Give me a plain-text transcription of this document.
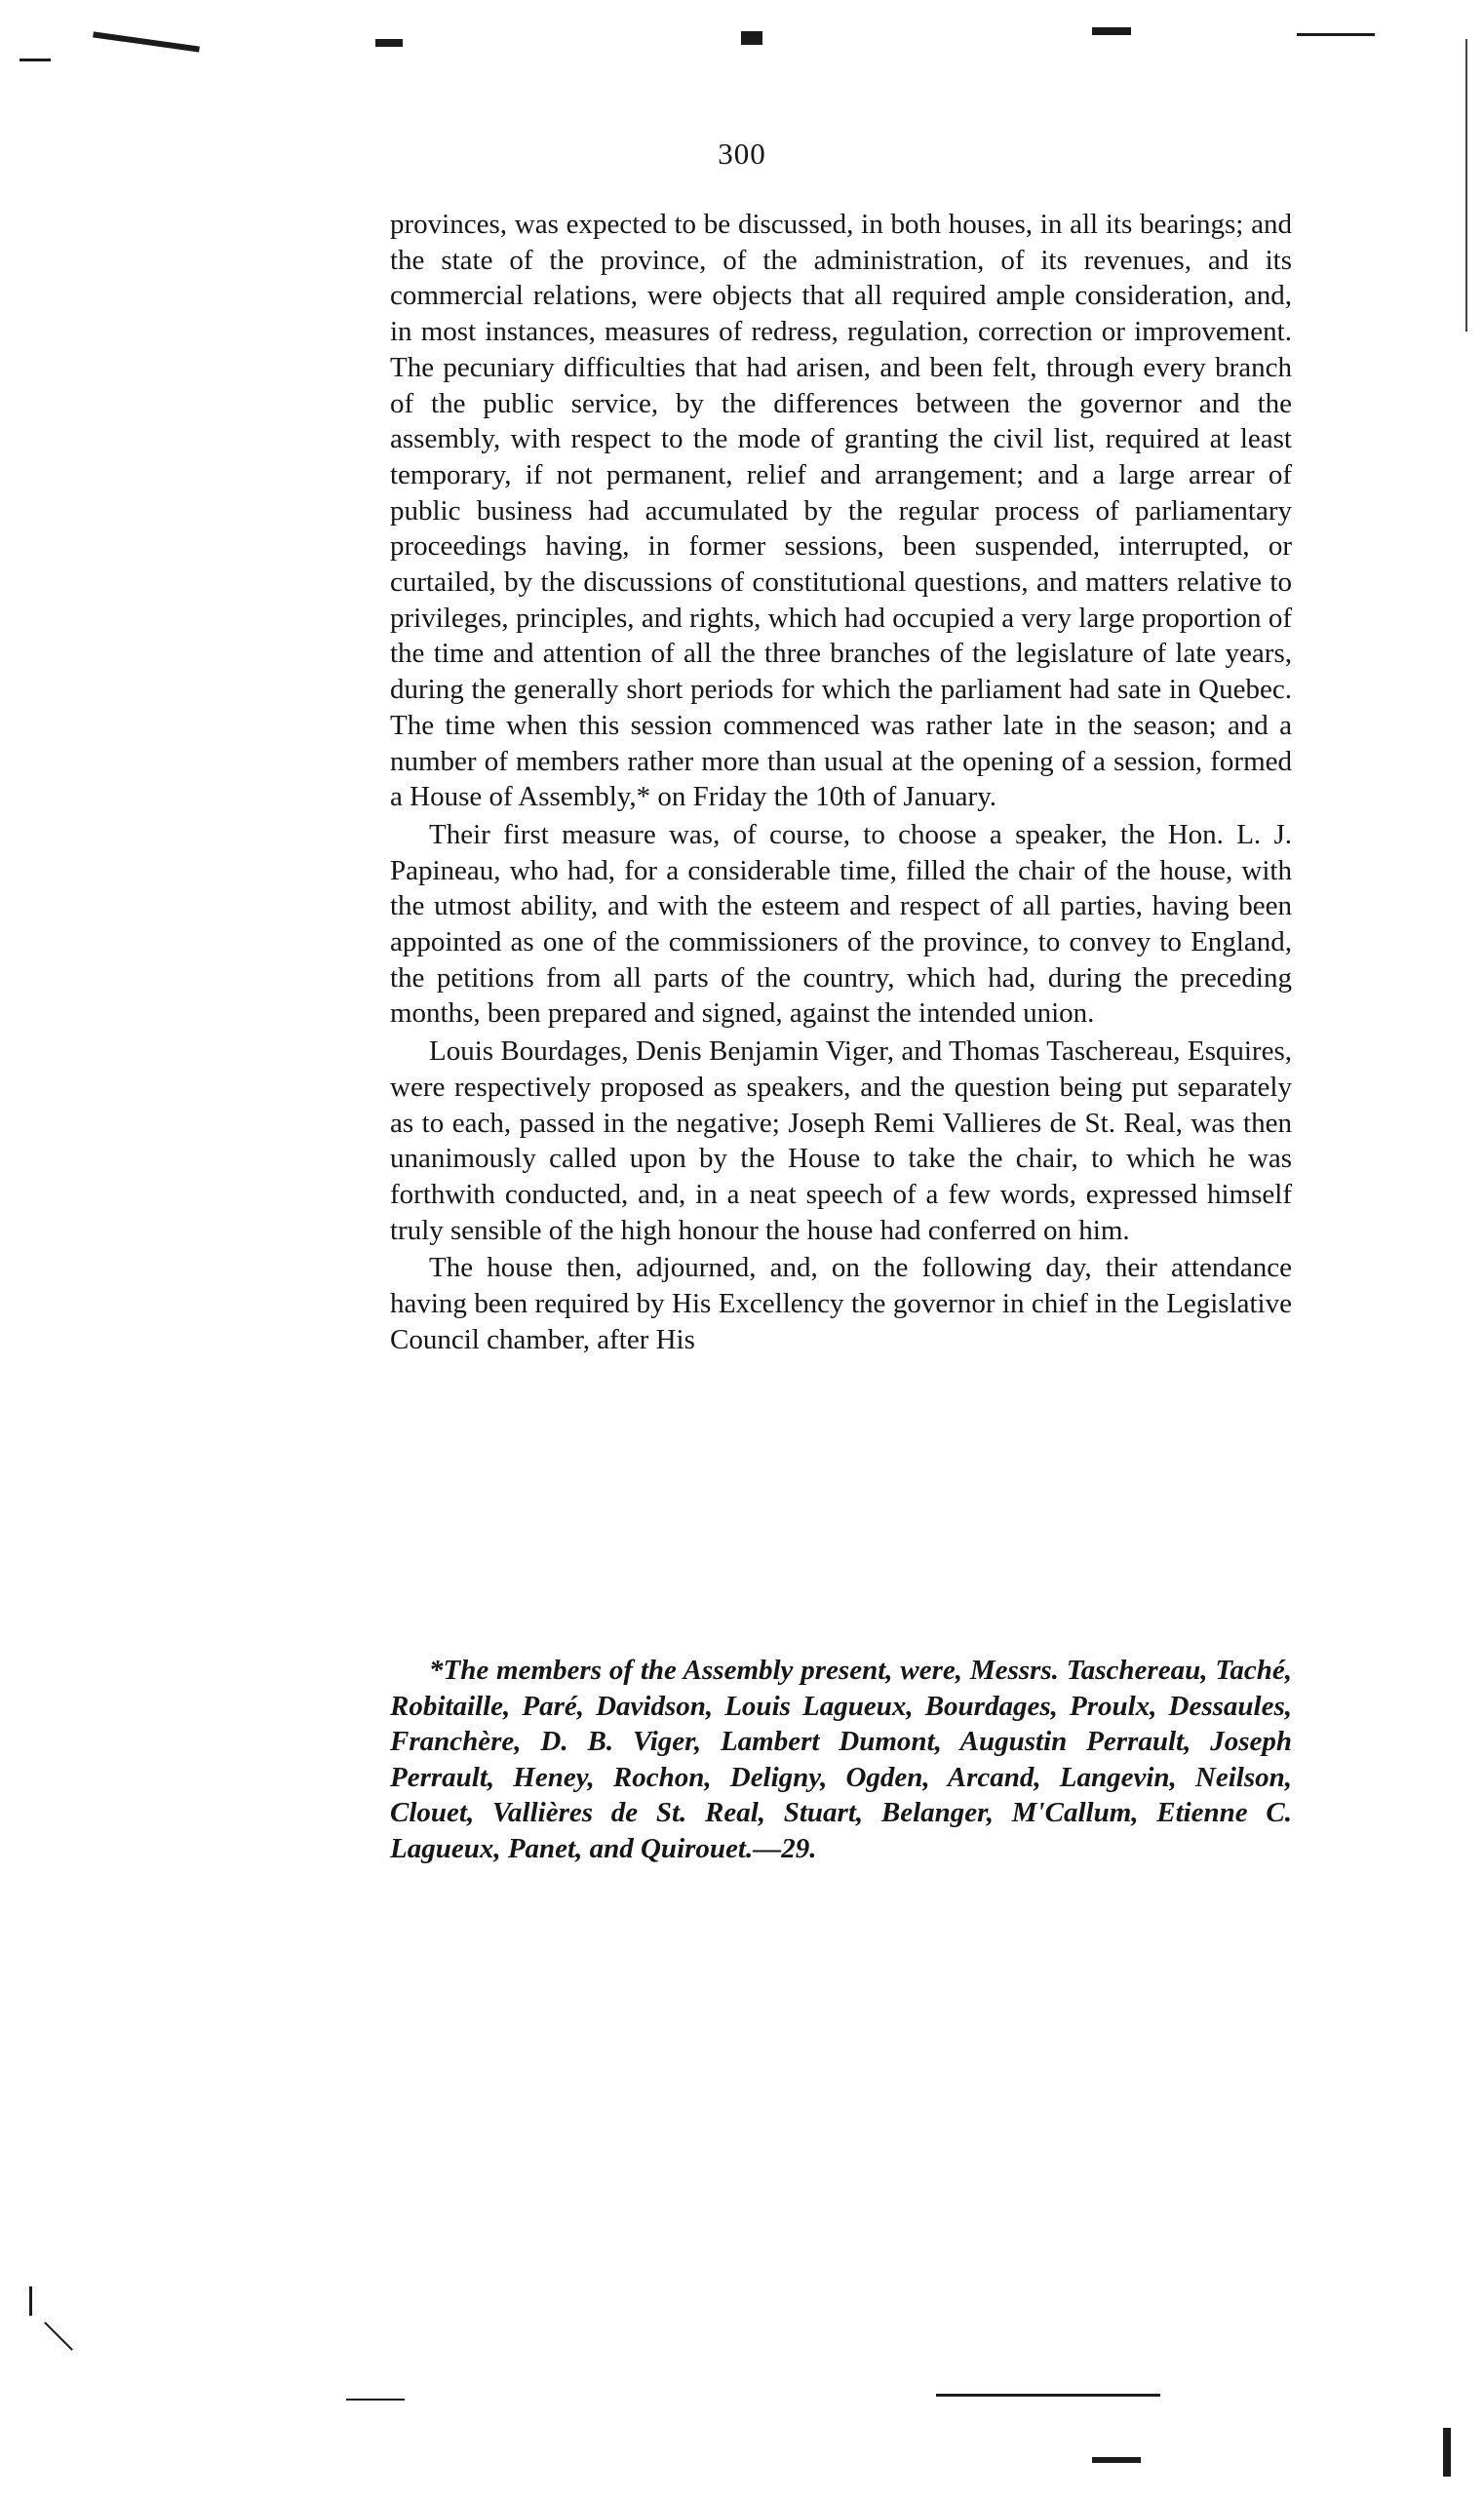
300

provinces, was expected to be discussed, in both houses, in all its bearings; and the state of the province, of the administration, of its revenues, and its commercial relations, were objects that all required ample consideration, and, in most instances, measures of redress, regulation, correction or improvement. The pecuniary difficulties that had arisen, and been felt, through every branch of the public service, by the differences between the governor and the assembly, with respect to the mode of granting the civil list, required at least temporary, if not permanent, relief and arrangement; and a large arrear of public business had accumulated by the regular process of parliamentary proceedings having, in former sessions, been suspended, interrupted, or curtailed, by the discussions of constitutional questions, and matters relative to privileges, principles, and rights, which had occupied a very large proportion of the time and attention of all the three branches of the legislature of late years, during the generally short periods for which the parliament had sate in Quebec. The time when this session commenced was rather late in the season; and a number of members rather more than usual at the opening of a session, formed a House of Assembly,* on Friday the 10th of January.

Their first measure was, of course, to choose a speaker, the Hon. L. J. Papineau, who had, for a considerable time, filled the chair of the house, with the utmost ability, and with the esteem and respect of all parties, having been appointed as one of the commissioners of the province, to convey to England, the petitions from all parts of the country, which had, during the preceding months, been prepared and signed, against the intended union.

Louis Bourdages, Denis Benjamin Viger, and Thomas Taschereau, Esquires, were respectively proposed as speakers, and the question being put separately as to each, passed in the negative; Joseph Remi Vallieres de St. Real, was then unanimously called upon by the House to take the chair, to which he was forthwith conducted, and, in a neat speech of a few words, expressed himself truly sensible of the high honour the house had conferred on him.

The house then, adjourned, and, on the following day, their attendance having been required by His Excellency the governor in chief in the Legislative Council chamber, after His

*The members of the Assembly present, were, Messrs. Taschereau, Taché, Robitaille, Paré, Davidson, Louis Lagueux, Bourdages, Proulx, Dessaules, Franchère, D. B. Viger, Lambert Dumont, Augustin Perrault, Joseph Perrault, Heney, Rochon, Deligny, Ogden, Arcand, Langevin, Neilson, Clouet, Vallières de St. Real, Stuart, Belanger, M'Callum, Etienne C. Lagueux, Panet, and Quirouet.—29.
